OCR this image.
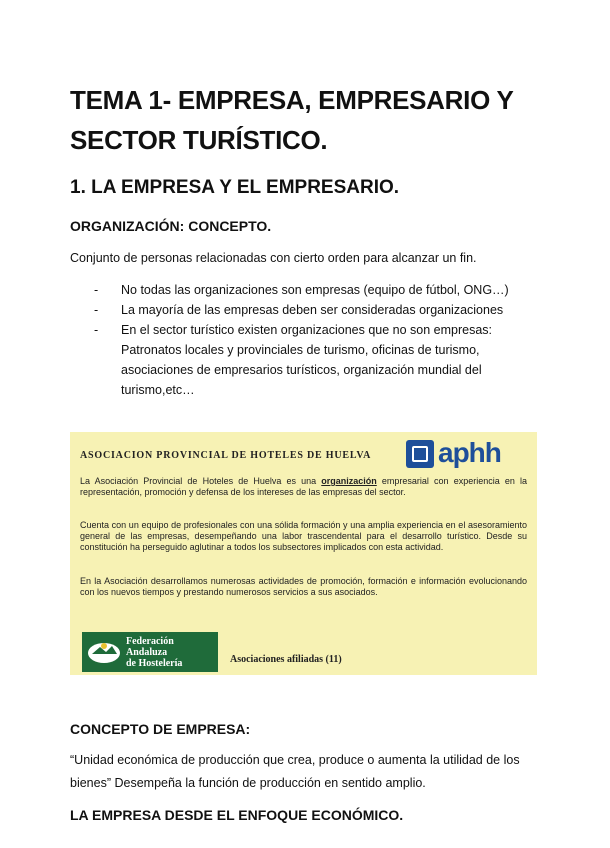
TEMA 1- EMPRESA, EMPRESARIO Y SECTOR TURÍSTICO.
1. LA EMPRESA Y EL EMPRESARIO.
ORGANIZACIÓN: CONCEPTO.

Conjunto de personas relacionadas con cierto orden para alcanzar un fin.

- No todas las organizaciones son empresas (equipo de fútbol, ONG…)
- La mayoría de las empresas deben ser consideradas organizaciones
- En el sector turístico existen organizaciones que no son empresas: Patronatos locales y provinciales de turismo, oficinas de turismo, asociaciones de empresarios turísticos, organización mundial del turismo,etc…
ASOCIACION PROVINCIAL DE HOTELES DE HUELVA aphh

La Asociación Provincial de Hoteles de Huelva es una organización empresarial con experiencia en la representación, promoción y defensa de los intereses de las empresas del sector.

Cuenta con un equipo de profesionales con una sólida formación y una amplia experiencia en el asesoramiento general de las empresas, desempeñando una labor trascendental para el desarrollo turístico. Desde su constitución ha perseguido aglutinar a todos los subsectores implicados con esta actividad.

En la Asociación desarrollamos numerosas actividades de promoción, formación e información evolucionando con los nuevos tiempos y prestando numerosos servicios a sus asociados.

Federación
Andaluza
de Hostelería	Asociaciones afiliadas (11)
CONCEPTO DE EMPRESA:

“Unidad económica de producción que crea, produce o aumenta la utilidad de los bienes” Desempeña la función de producción en sentido amplio.

LA EMPRESA DESDE EL ENFOQUE ECONÓMICO.
